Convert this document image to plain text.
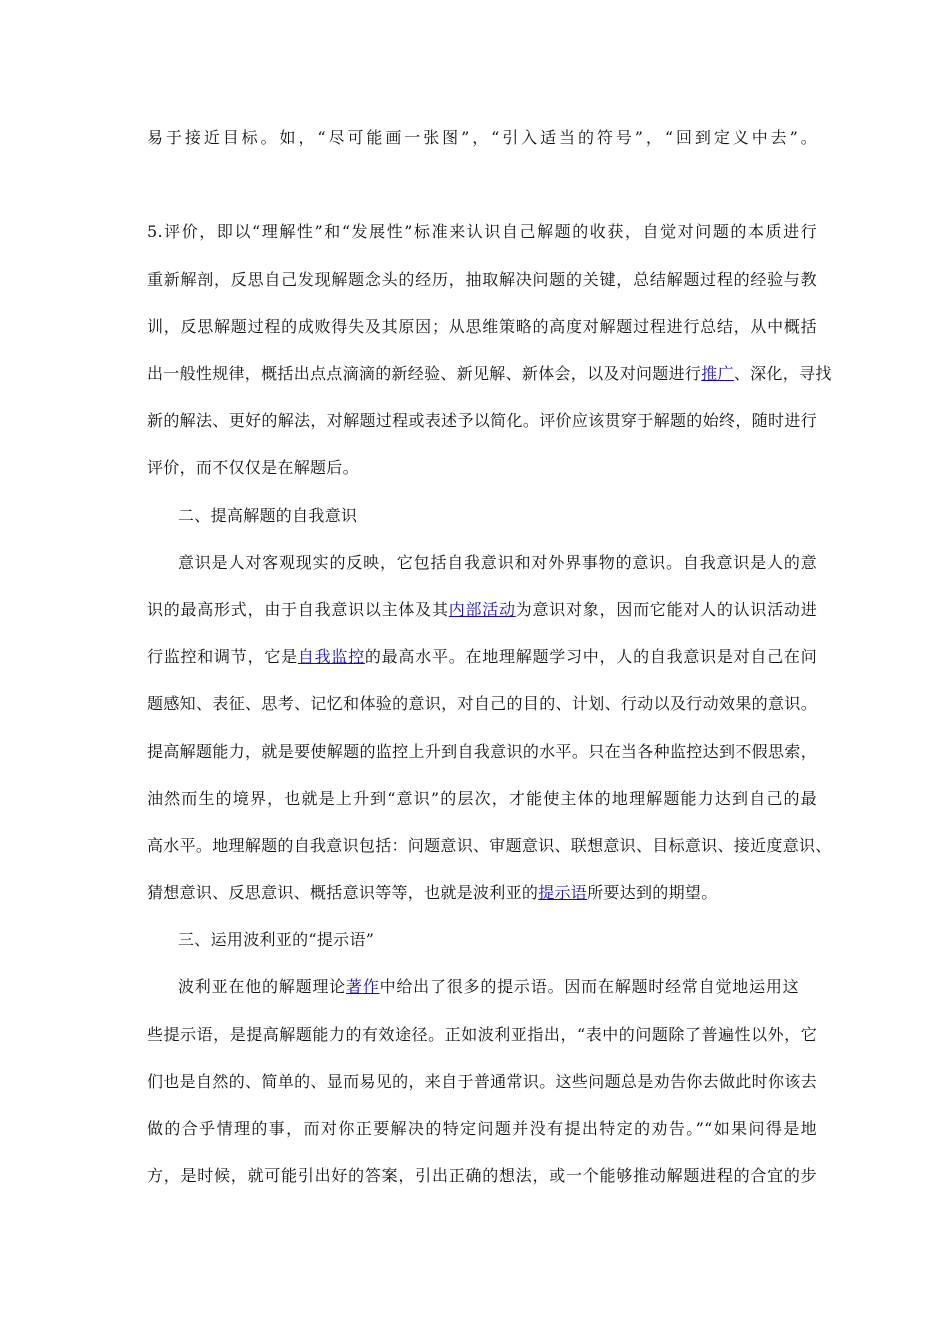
易于接近目标。如，“尽可能画一张图”，“引入适当的符号”，“回到定义中去”。
5.评价，即以“理解性”和“发展性”标准来认识自己解题的收获，自觉对问题的本质进行
重新解剖，反思自己发现解题念头的经历，抽取解决问题的关键，总结解题过程的经验与教
训，反思解题过程的成败得失及其原因；从思维策略的高度对解题过程进行总结，从中概括
出一般性规律，概括出点点滴滴的新经验、新见解、新体会，以及对问题进行推广、深化，寻找
新的解法、更好的解法，对解题过程或表述予以简化。评价应该贯穿于解题的始终，随时进行
评价，而不仅仅是在解题后。
二、提高解题的自我意识
意识是人对客观现实的反映，它包括自我意识和对外界事物的意识。自我意识是人的意
识的最高形式，由于自我意识以主体及其内部活动为意识对象，因而它能对人的认识活动进
行监控和调节，它是自我监控的最高水平。在地理解题学习中，人的自我意识是对自己在问
题感知、表征、思考、记忆和体验的意识，对自己的目的、计划、行动以及行动效果的意识。
提高解题能力，就是要使解题的监控上升到自我意识的水平。只在当各种监控达到不假思索，
油然而生的境界，也就是上升到“意识”的层次，才能使主体的地理解题能力达到自己的最
高水平。地理解题的自我意识包括：问题意识、审题意识、联想意识、目标意识、接近度意识、
猜想意识、反思意识、概括意识等等，也就是波利亚的提示语所要达到的期望。
三、运用波利亚的“提示语”
波利亚在他的解题理论著作中给出了很多的提示语。因而在解题时经常自觉地运用这
些提示语，是提高解题能力的有效途径。正如波利亚指出，“表中的问题除了普遍性以外，它
们也是自然的、简单的、显而易见的，来自于普通常识。这些问题总是劝告你去做此时你该去
做的合乎情理的事，而对你正要解决的特定问题并没有提出特定的劝告。”“如果问得是地
方，是时候，就可能引出好的答案，引出正确的想法，或一个能够推动解题进程的合宜的步
